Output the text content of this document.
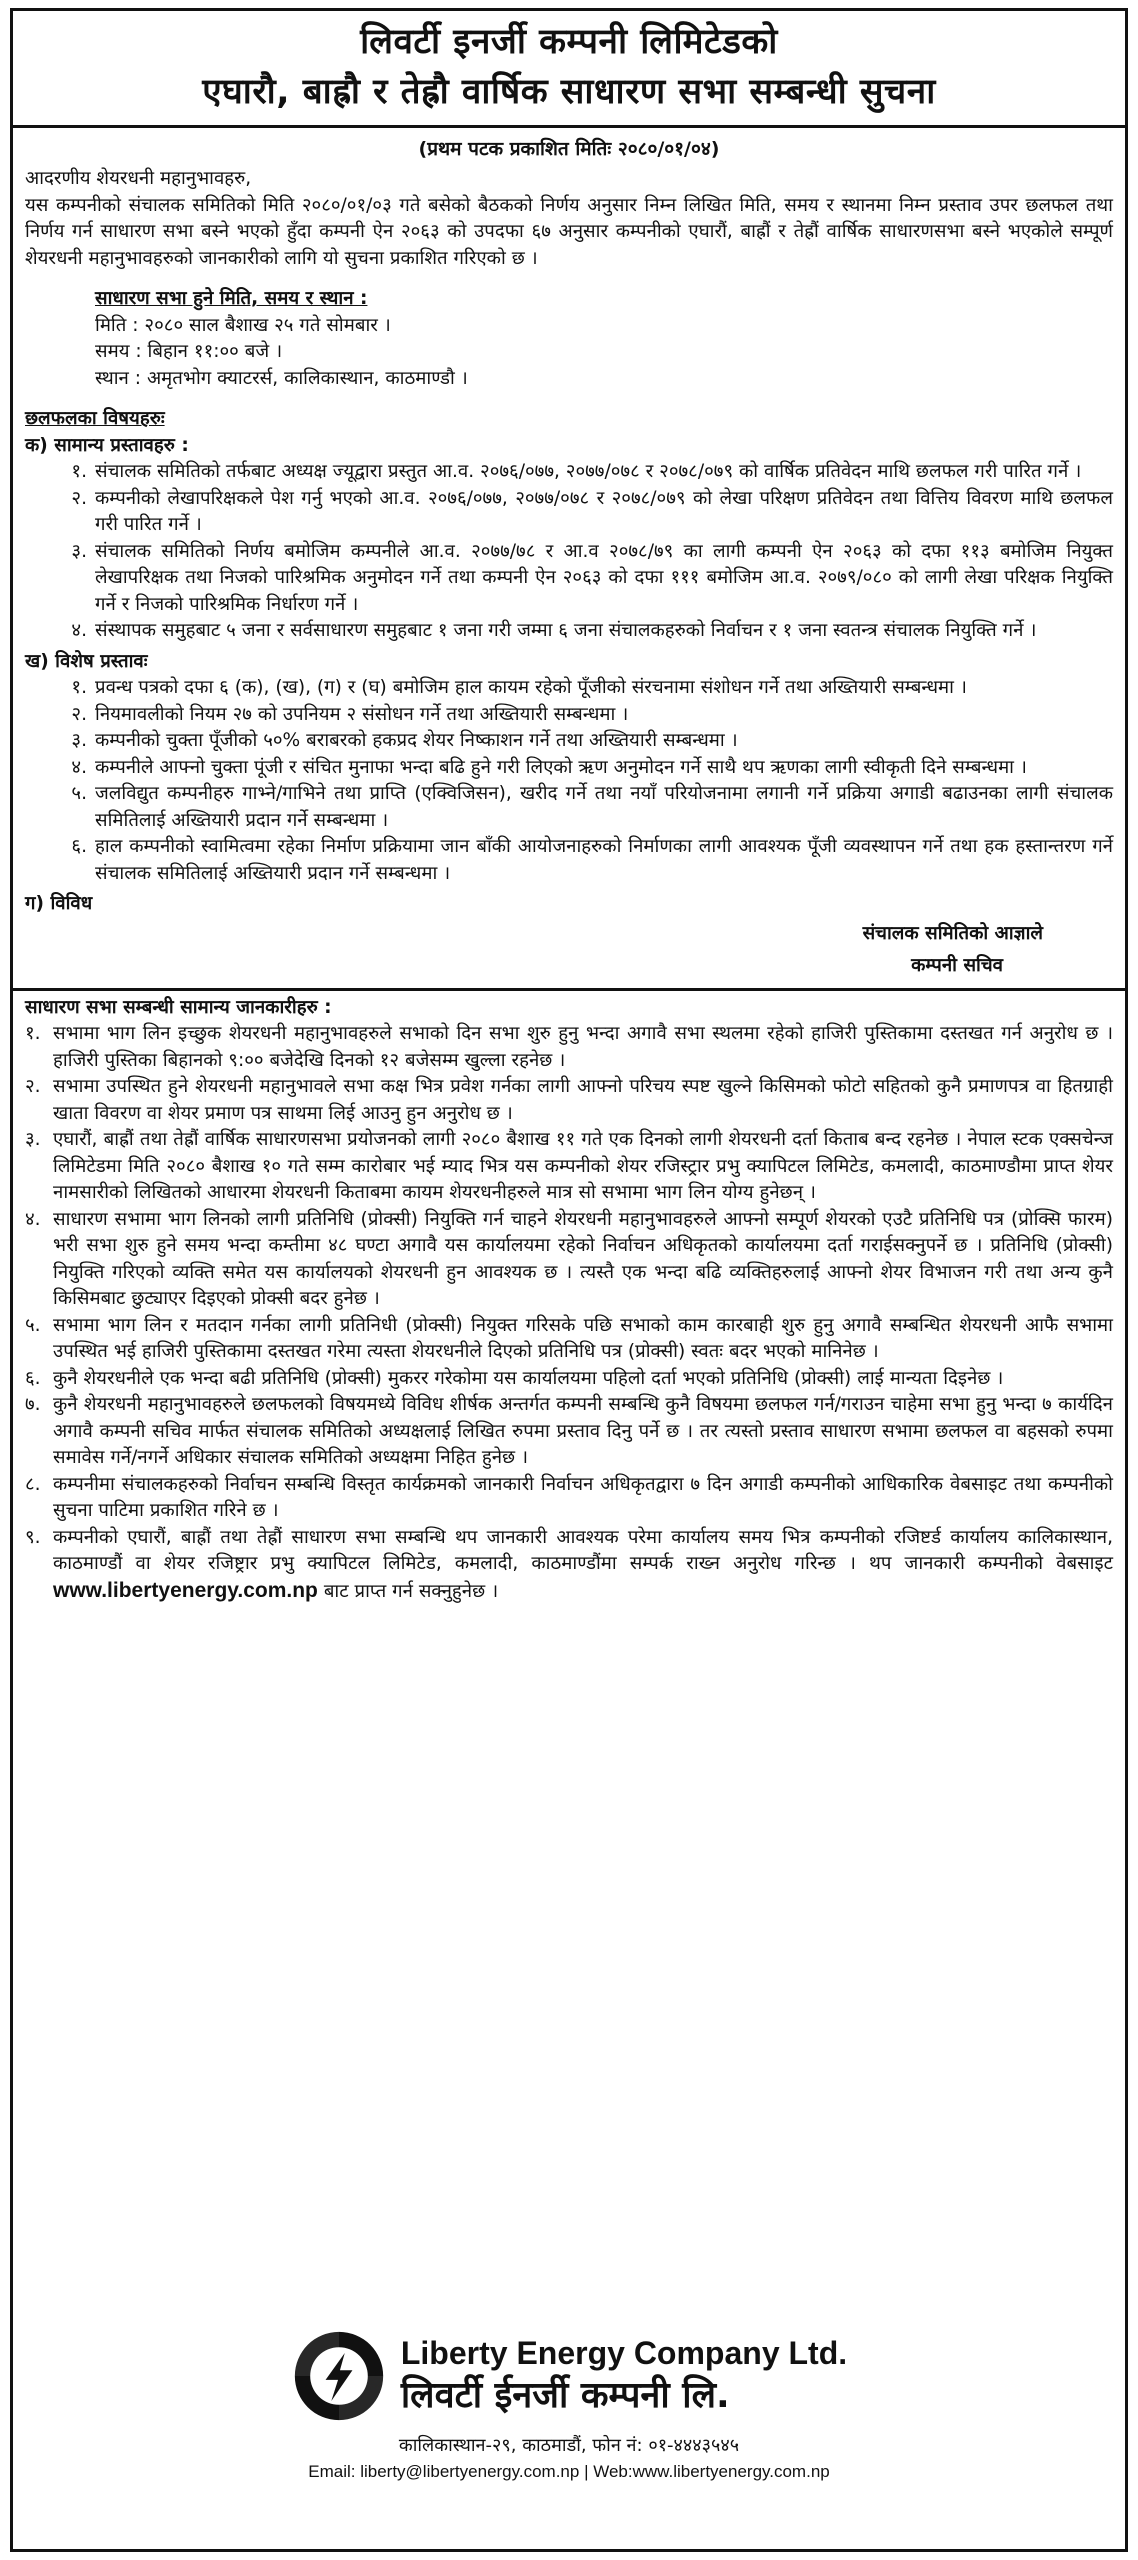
लिवर्टी इनर्जी कम्पनी लिमिटेडको
एघारौ, बाह्रौ र तेह्रौ वार्षिक साधारण सभा सम्बन्धी सुचना
(प्रथम पटक प्रकाशित मितिः २०८०/०१/०४)

आदरणीय शेयरधनी महानुभावहरु,

यस कम्पनीको संचालक समितिको मिति २०८०/०१/०३ गते बसेको बैठकको निर्णय अनुसार निम्न लिखित मिति, समय र स्थानमा निम्न प्रस्ताव उपर छलफल तथा निर्णय गर्न साधारण सभा बस्ने भएको हुँदा कम्पनी ऐन २०६३ को उपदफा ६७ अनुसार कम्पनीको एघारौं, बाह्रौं र तेह्रौं वार्षिक साधारणसभा बस्ने भएकोले सम्पूर्ण शेयरधनी महानुभावहरुको जानकारीको लागि यो सुचना प्रकाशित गरिएको छ ।

साधारण सभा हुने मिति, समय र स्थान :
मिति : २०८० साल बैशाख २५ गते सोमबार ।
समय : बिहान ११:०० बजे ।
स्थान : अमृतभोग क्याटरर्स, कालिकास्थान, काठमाण्डौ ।
छलफलका विषयहरुः
क) सामान्य प्रस्तावहरु :
१. संचालक समितिको तर्फबाट अध्यक्ष ज्यूद्वारा प्रस्तुत आ.व. २०७६/०७७, २०७७/०७८ र २०७८/०७९ को वार्षिक प्रतिवेदन माथि छलफल गरी पारित गर्ने ।
२. कम्पनीको लेखापरिक्षकले पेश गर्नु भएको आ.व. २०७६/०७७, २०७७/०७८ र २०७८/०७९ को लेखा परिक्षण प्रतिवेदन तथा वित्तिय विवरण माथि छलफल गरी पारित गर्ने ।
३. संचालक समितिको निर्णय बमोजिम कम्पनीले आ.व. २०७७/७८ र आ.व २०७८/७९ का लागी कम्पनी ऐन २०६३ को दफा ११३ बमोजिम नियुक्त लेखापरिक्षक तथा निजको पारिश्रमिक अनुमोदन गर्ने तथा कम्पनी ऐन २०६३ को दफा १११ बमोजिम आ.व. २०७९/०८० को लागी लेखा परिक्षक नियुक्ति गर्ने र निजको पारिश्रमिक निर्धारण गर्ने ।
४. संस्थापक समुहबाट ५ जना र सर्वसाधारण समुहबाट १ जना गरी जम्मा ६ जना संचालकहरुको निर्वाचन र १ जना स्वतन्त्र संचालक नियुक्ति गर्ने ।
ख) विशेष प्रस्तावः
१. प्रवन्ध पत्रको दफा ६ (क), (ख), (ग) र (घ) बमोजिम हाल कायम रहेको पूँजीको संरचनामा संशोधन गर्ने तथा अख्तियारी सम्बन्धमा ।
२. नियमावलीको नियम २७ को उपनियम २ संसोधन गर्ने तथा अख्तियारी सम्बन्धमा ।
३. कम्पनीको चुक्ता पूँजीको ५०% बराबरको हकप्रद शेयर निष्काशन गर्ने तथा अख्तियारी सम्बन्धमा ।
४. कम्पनीले आफ्नो चुक्ता पूंजी र संचित मुनाफा भन्दा बढि हुने गरी लिएको ऋण अनुमोदन गर्ने साथै थप ऋणका लागी स्वीकृती दिने सम्बन्धमा ।
५. जलविद्युत कम्पनीहरु गाभ्ने/गाभिने तथा प्राप्ति (एक्विजिसन), खरीद गर्ने तथा नयाँ परियोजनामा लगानी गर्ने प्रक्रिया अगाडी बढाउनका लागी संचालक समितिलाई अख्तियारी प्रदान गर्ने सम्बन्धमा ।
६. हाल कम्पनीको स्वामित्वमा रहेका निर्माण प्रक्रियामा जान बाँकी आयोजनाहरुको निर्माणका लागी आवश्यक पूँजी व्यवस्थापन गर्ने तथा हक हस्तान्तरण गर्ने संचालक समितिलाई अख्तियारी प्रदान गर्ने सम्बन्धमा ।
ग) विविध
संचालक समितिको आज्ञाले
कम्पनी सचिव
साधारण सभा सम्बन्धी सामान्य जानकारीहरु :
१. सभामा भाग लिन इच्छुक शेयरधनी महानुभावहरुले सभाको दिन सभा शुरु हुनु भन्दा अगावै सभा स्थलमा रहेको हाजिरी पुस्तिकामा दस्तखत गर्न अनुरोध छ । हाजिरी पुस्तिका बिहानको ९:०० बजेदेखि दिनको १२ बजेसम्म खुल्ला रहनेछ ।
२. सभामा उपस्थित हुने शेयरधनी महानुभावले सभा कक्ष भित्र प्रवेश गर्नका लागी आफ्नो परिचय स्पष्ट खुल्ने किसिमको फोटो सहितको कुनै प्रमाणपत्र वा हितग्राही खाता विवरण वा शेयर प्रमाण पत्र साथमा लिई आउनु हुन अनुरोध छ ।
३. एघारौं, बाह्रौं तथा तेह्रौं वार्षिक साधारणसभा प्रयोजनको लागी २०८० बैशाख ११ गते एक दिनको लागी शेयरधनी दर्ता किताब बन्द रहनेछ । नेपाल स्टक एक्सचेन्ज लिमिटेडमा मिति २०८० बैशाख १० गते सम्म कारोबार भई म्याद भित्र यस कम्पनीको शेयर रजिस्ट्रार प्रभु क्यापिटल लिमिटेड, कमलादी, काठमाण्डौमा प्राप्त शेयर नामसारीको लिखितको आधारमा शेयरधनी किताबमा कायम शेयरधनीहरुले मात्र सो सभामा भाग लिन योग्य हुनेछन् ।
४. साधारण सभामा भाग लिनको लागी प्रतिनिधि (प्रोक्सी) नियुक्ति गर्न चाहने शेयरधनी महानुभावहरुले आफ्नो सम्पूर्ण शेयरको एउटै प्रतिनिधि पत्र (प्रोक्सि फारम) भरी सभा शुरु हुने समय भन्दा कम्तीमा ४८ घण्टा अगावै यस कार्यालयमा रहेको निर्वाचन अधिकृतको कार्यालयमा दर्ता गराईसक्नुपर्ने छ । प्रतिनिधि (प्रोक्सी) नियुक्ति गरिएको व्यक्ति समेत यस कार्यालयको शेयरधनी हुन आवश्यक छ । त्यस्तै एक भन्दा बढि व्यक्तिहरुलाई आफ्नो शेयर विभाजन गरी तथा अन्य कुनै किसिमबाट छुट्याएर दिइएको प्रोक्सी बदर हुनेछ ।
५. सभामा भाग लिन र मतदान गर्नका लागी प्रतिनिधी (प्रोक्सी) नियुक्त गरिसके पछि सभाको काम कारबाही शुरु हुनु अगावै सम्बन्धित शेयरधनी आफै सभामा उपस्थित भई हाजिरी पुस्तिकामा दस्तखत गरेमा त्यस्ता शेयरधनीले दिएको प्रतिनिधि पत्र (प्रोक्सी) स्वतः बदर भएको मानिनेछ ।
६. कुनै शेयरधनीले एक भन्दा बढी प्रतिनिधि (प्रोक्सी) मुकरर गरेकोमा यस कार्यालयमा पहिलो दर्ता भएको प्रतिनिधि (प्रोक्सी) लाई मान्यता दिइनेछ ।
७. कुनै शेयरधनी महानुभावहरुले छलफलको विषयमध्ये विविध शीर्षक अन्तर्गत कम्पनी सम्बन्धि कुनै विषयमा छलफल गर्न/गराउन चाहेमा सभा हुनु भन्दा ७ कार्यदिन अगावै कम्पनी सचिव मार्फत संचालक समितिको अध्यक्षलाई लिखित रुपमा प्रस्ताव दिनु पर्ने छ । तर त्यस्तो प्रस्ताव साधारण सभामा छलफल वा बहसको रुपमा समावेस गर्ने/नगर्ने अधिकार संचालक समितिको अध्यक्षमा निहित हुनेछ ।
८. कम्पनीमा संचालकहरुको निर्वाचन सम्बन्धि विस्तृत कार्यक्रमको जानकारी निर्वाचन अधिकृतद्वारा ७ दिन अगाडी कम्पनीको आधिकारिक वेबसाइट तथा कम्पनीको सुचना पाटिमा प्रकाशित गरिने छ ।
९. कम्पनीको एघारौं, बाह्रौं तथा तेह्रौं साधारण सभा सम्बन्धि थप जानकारी आवश्यक परेमा कार्यालय समय भित्र कम्पनीको रजिष्टर्ड कार्यालय कालिकास्थान, काठमाण्डौं वा शेयर रजिष्ट्रार प्रभु क्यापिटल लिमिटेड, कमलादी, काठमाण्डौंमा सम्पर्क राख्न अनुरोध गरिन्छ । थप जानकारी कम्पनीको वेबसाइट www.libertyenergy.com.np बाट प्राप्त गर्न सक्नुहुनेछ ।
Liberty Energy Company Ltd.
लिवर्टी ईनर्जी कम्पनी लि.
कालिकास्थान-२९, काठमाडौं, फोन नं: ०१-४४४३५४५
Email: liberty@libertyenergy.com.np | Web:www.libertyenergy.com.np
